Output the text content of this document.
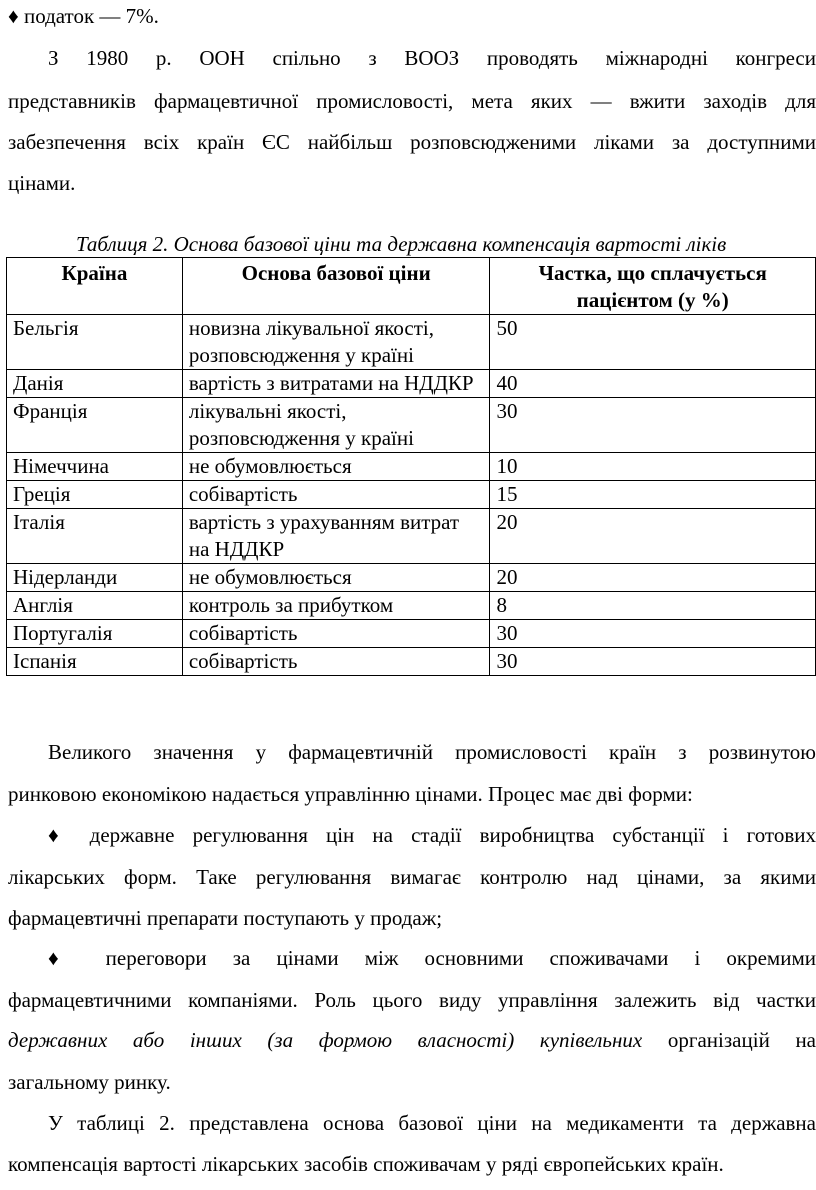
♦ податок — 7%.
З 1980 р. ООН спільно з ВООЗ проводять міжнародні конгреси
представників фармацевтичної промисловості, мета яких — вжити заходів для
забезпечення всіх країн ЄС найбільш розповсюдженими ліками за доступними
цінами.
Таблиця 2. Основа базової ціни та державна компенсація вартості ліків
Країна	Основа базової ціни	Частка, що сплачується пацієнтом (у %)
Бельгія	новизна лікувальної якості, розповсюдження у країні	50
Данія	вартість з витратами на НДДКР	40
Франція	лікувальні якості, розповсюдження у країні	30
Німеччина	не обумовлюється	10
Греція	собівартість	15
Італія	вартість з урахуванням витрат на НДДКР	20
Нідерланди	не обумовлюється	20
Англія	контроль за прибутком	8
Португалія	собівартість	30
Іспанія	собівартість	30
Великого значення у фармацевтичній промисловості країн з розвинутою
ринковою економікою надається управлінню цінами. Процес має дві форми:
♦ державне регулювання цін на стадії виробництва субстанції і готових
лікарських форм. Таке регулювання вимагає контролю над цінами, за якими
фармацевтичні препарати поступають у продаж;
♦ переговори за цінами між основними споживачами і окремими
фармацевтичними компаніями. Роль цього виду управління залежить від частки
державних або інших (за формою власності) купівельних організацій на
загальному ринку.
У таблиці 2. представлена основа базової ціни на медикаменти та державна
компенсація вартості лікарських засобів споживачам у ряді європейських країн.
